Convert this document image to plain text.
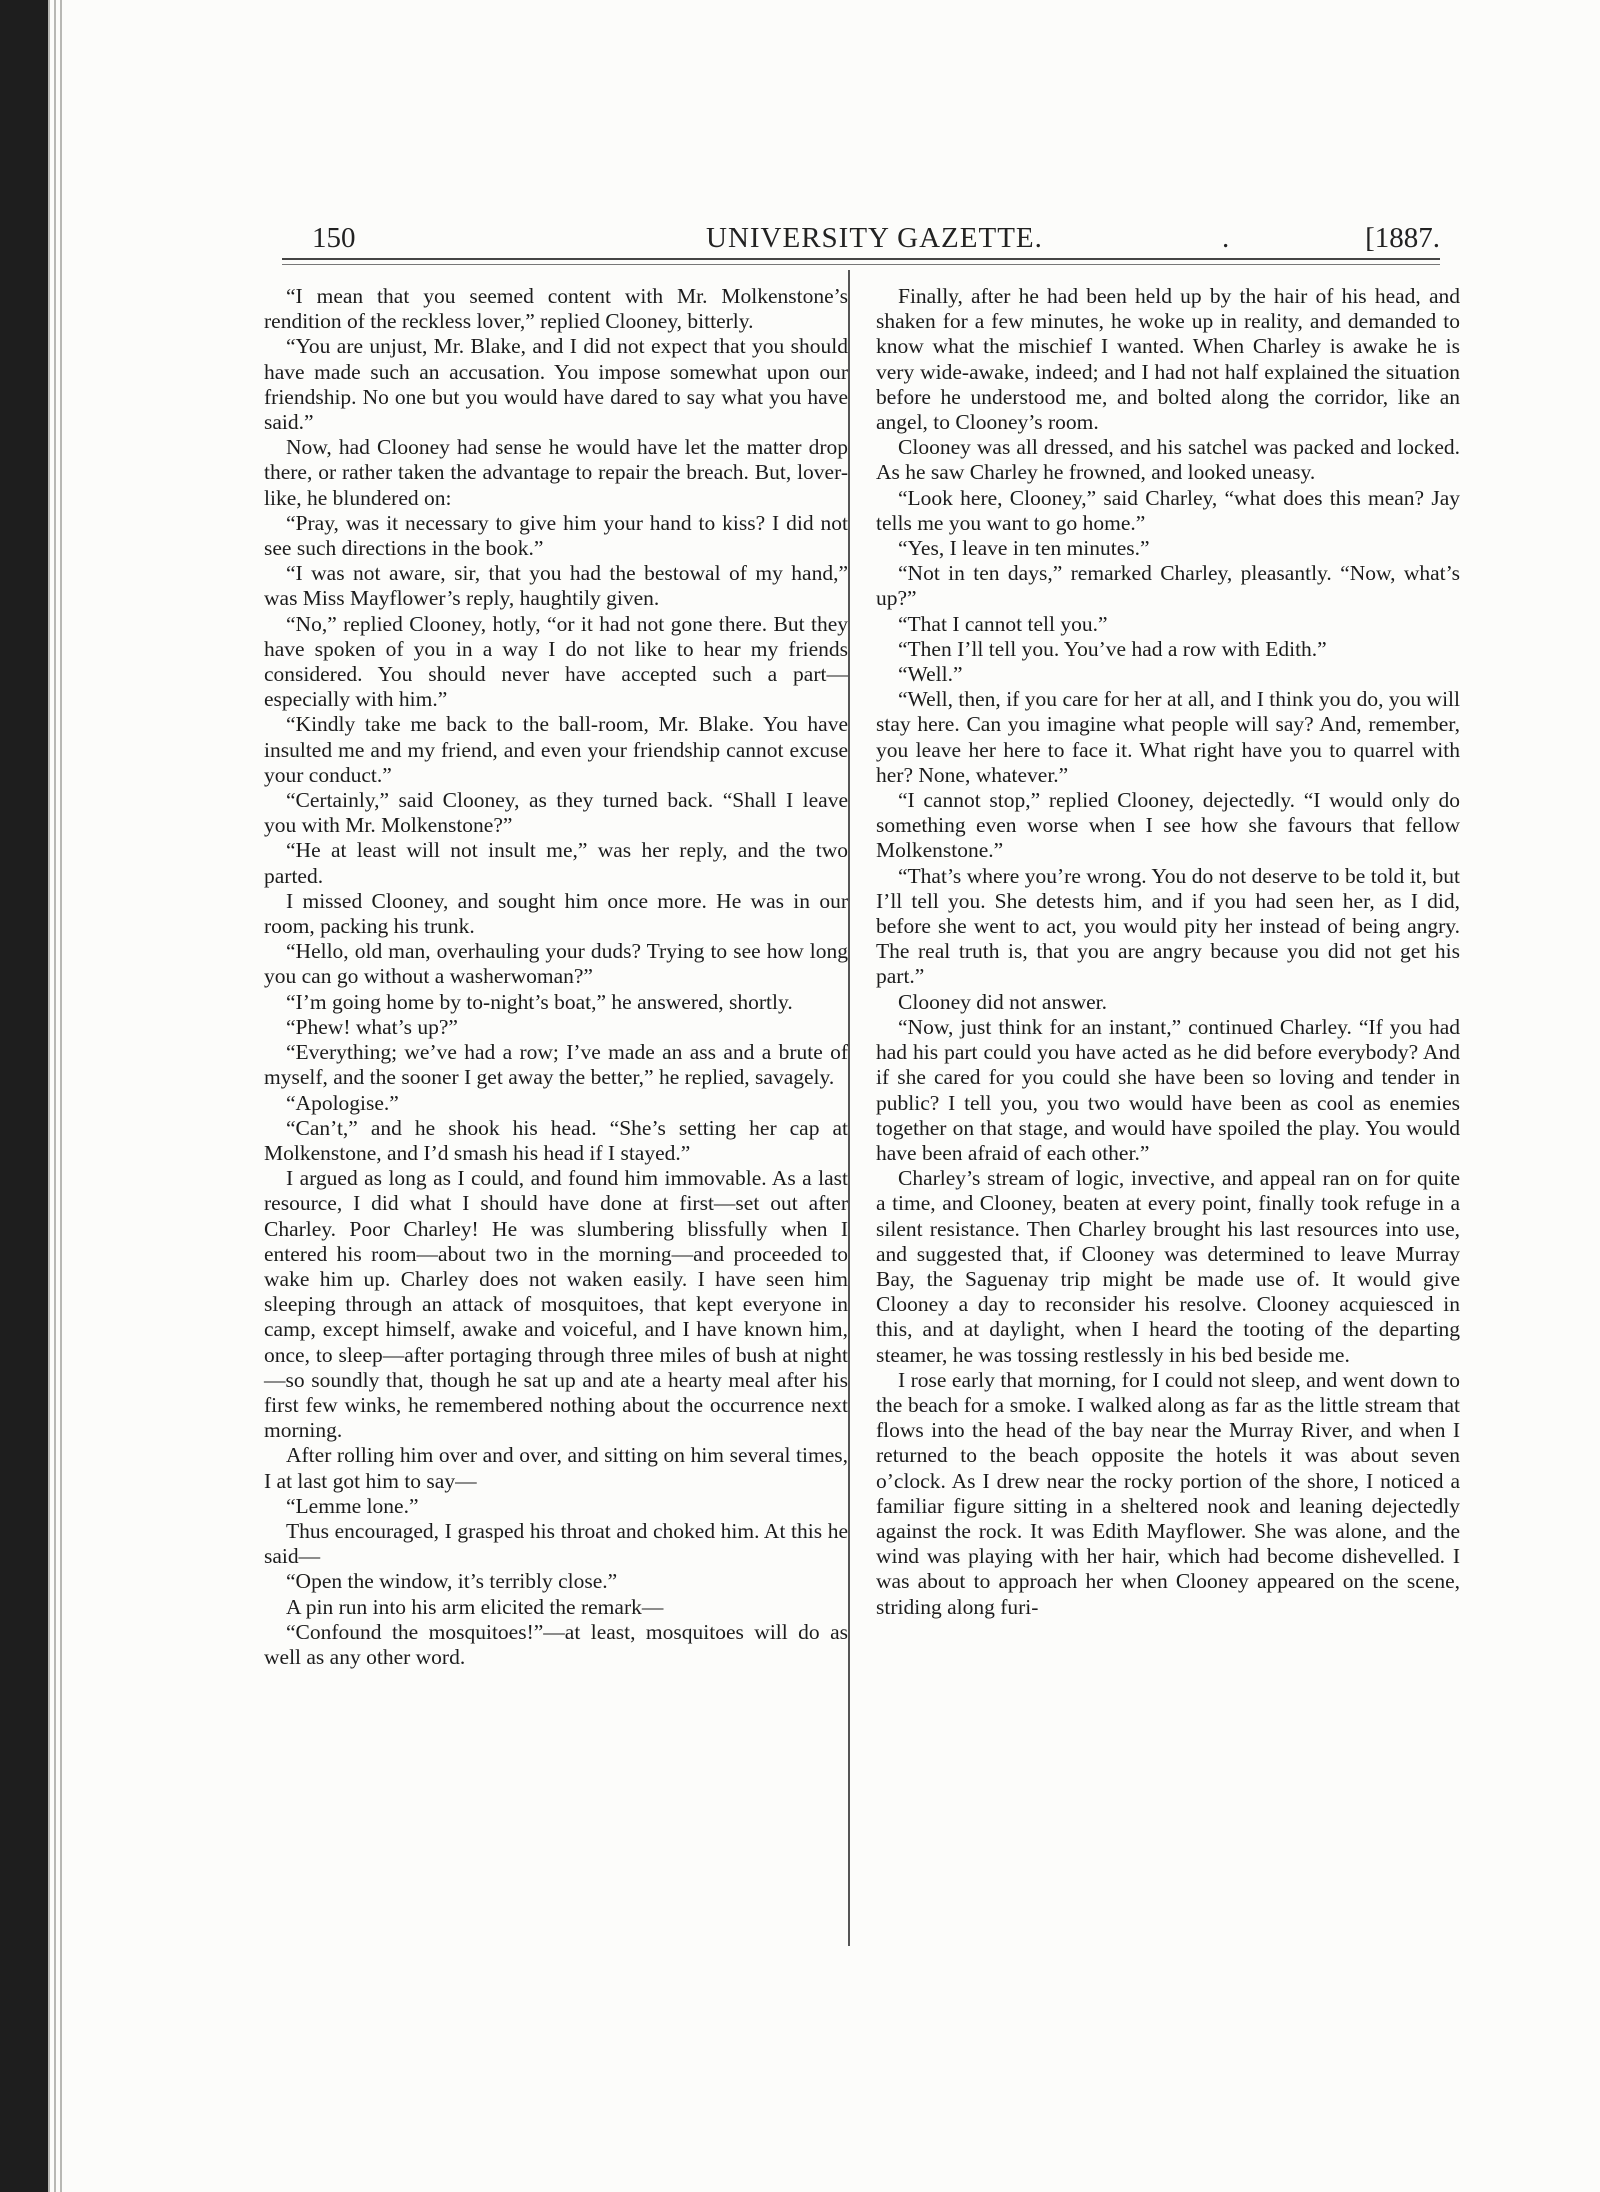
150	UNIVERSITY GAZETTE.	.	[1887.

“I mean that you seemed content with Mr. Molkenstone’s rendition of the reckless lover,” replied Clooney, bitterly.

“You are unjust, Mr. Blake, and I did not expect that you should have made such an accusation. You impose somewhat upon our friendship. No one but you would have dared to say what you have said.”

Now, had Clooney had sense he would have let the matter drop there, or rather taken the advantage to repair the breach. But, lover-like, he blundered on:

“Pray, was it necessary to give him your hand to kiss? I did not see such directions in the book.”

“I was not aware, sir, that you had the bestowal of my hand,” was Miss Mayflower’s reply, haughtily given.

“No,” replied Clooney, hotly, “or it had not gone there. But they have spoken of you in a way I do not like to hear my friends considered. You should never have accepted such a part—especially with him.”

“Kindly take me back to the ball-room, Mr. Blake. You have insulted me and my friend, and even your friendship cannot excuse your conduct.”

“Certainly,” said Clooney, as they turned back. “Shall I leave you with Mr. Molkenstone?”

“He at least will not insult me,” was her reply, and the two parted.

I missed Clooney, and sought him once more. He was in our room, packing his trunk.

“Hello, old man, overhauling your duds? Trying to see how long you can go without a washerwoman?”

“I’m going home by to-night’s boat,” he answered, shortly.

“Phew! what’s up?”

“Everything; we’ve had a row; I’ve made an ass and a brute of myself, and the sooner I get away the better,” he replied, savagely.

“Apologise.”

“Can’t,” and he shook his head. “She’s setting her cap at Molkenstone, and I’d smash his head if I stayed.”

I argued as long as I could, and found him immovable. As a last resource, I did what I should have done at first—set out after Charley. Poor Charley! He was slumbering blissfully when I entered his room—about two in the morning—and proceeded to wake him up. Charley does not waken easily. I have seen him sleeping through an attack of mosquitoes, that kept everyone in camp, except himself, awake and voiceful, and I have known him, once, to sleep—after portaging through three miles of bush at night—so soundly that, though he sat up and ate a hearty meal after his first few winks, he remembered nothing about the occurrence next morning.

After rolling him over and over, and sitting on him several times, I at last got him to say—

“Lemme lone.”

Thus encouraged, I grasped his throat and choked him. At this he said—

“Open the window, it’s terribly close.”

A pin run into his arm elicited the remark—

“Confound the mosquitoes!”—at least, mosquitoes will do as well as any other word.

Finally, after he had been held up by the hair of his head, and shaken for a few minutes, he woke up in reality, and demanded to know what the mischief I wanted. When Charley is awake he is very wide-awake, indeed; and I had not half explained the situation before he understood me, and bolted along the corridor, like an angel, to Clooney’s room.

Clooney was all dressed, and his satchel was packed and locked. As he saw Charley he frowned, and looked uneasy.

“Look here, Clooney,” said Charley, “what does this mean? Jay tells me you want to go home.”

“Yes, I leave in ten minutes.”

“Not in ten days,” remarked Charley, pleasantly. “Now, what’s up?”

“That I cannot tell you.”

“Then I’ll tell you. You’ve had a row with Edith.”

“Well.”

“Well, then, if you care for her at all, and I think you do, you will stay here. Can you imagine what people will say? And, remember, you leave her here to face it. What right have you to quarrel with her? None, whatever.”

“I cannot stop,” replied Clooney, dejectedly. “I would only do something even worse when I see how she favours that fellow Molkenstone.”

“That’s where you’re wrong. You do not deserve to be told it, but I’ll tell you. She detests him, and if you had seen her, as I did, before she went to act, you would pity her instead of being angry. The real truth is, that you are angry because you did not get his part.”

Clooney did not answer.

“Now, just think for an instant,” continued Charley. “If you had had his part could you have acted as he did before everybody? And if she cared for you could she have been so loving and tender in public? I tell you, you two would have been as cool as enemies together on that stage, and would have spoiled the play. You would have been afraid of each other.”

Charley’s stream of logic, invective, and appeal ran on for quite a time, and Clooney, beaten at every point, finally took refuge in a silent resistance. Then Charley brought his last resources into use, and suggested that, if Clooney was determined to leave Murray Bay, the Saguenay trip might be made use of. It would give Clooney a day to reconsider his resolve. Clooney acquiesced in this, and at daylight, when I heard the tooting of the departing steamer, he was tossing restlessly in his bed beside me.

I rose early that morning, for I could not sleep, and went down to the beach for a smoke. I walked along as far as the little stream that flows into the head of the bay near the Murray River, and when I returned to the beach opposite the hotels it was about seven o’clock. As I drew near the rocky portion of the shore, I noticed a familiar figure sitting in a sheltered nook and leaning dejectedly against the rock. It was Edith Mayflower. She was alone, and the wind was playing with her hair, which had become dishevelled. I was about to approach her when Clooney appeared on the scene, striding along furi-
